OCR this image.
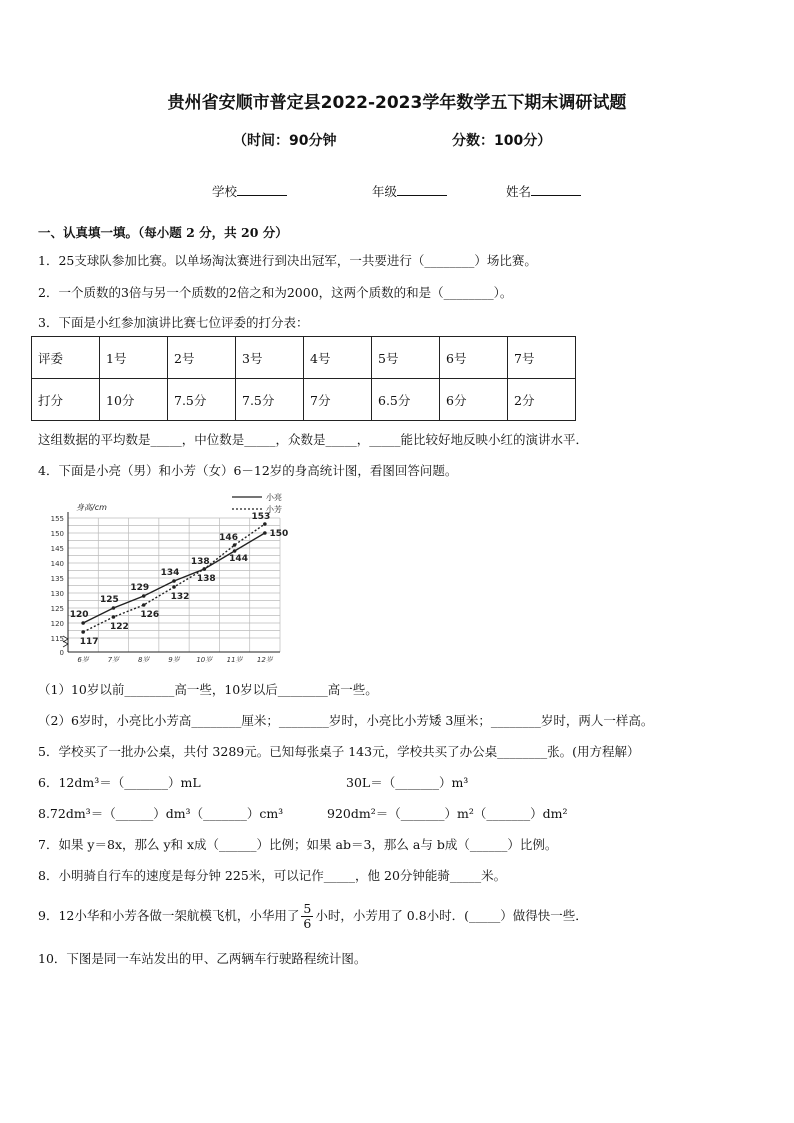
贵州省安顺市普定县2022-2023学年数学五下期末调研试题
（时间：90分钟	分数：100分）
学校	年级	姓名
一、认真填一填。（每小题 2 分，共 20 分）
1．25支球队参加比赛。以单场淘汰赛进行到决出冠军，一共要进行（________）场比赛。
2．一个质数的3倍与另一个质数的2倍之和为2000，这两个质数的和是（________）。
3．下面是小红参加演讲比赛七位评委的打分表：
评委	1号	2号	3号	4号	5号	6号	7号
打分	10分	7.5分	7.5分	7分	6.5分	6分	2分
这组数据的平均数是_____，中位数是_____，众数是_____，_____能比较好地反映小红的演讲水平．
4．下面是小亮（男）和小芳（女）6－12岁的身高统计图，看图回答问题。
身高/cm
155
150
145
140
135
130
125
120
115
0
6岁	7岁	8岁	9岁 10岁 11岁 12岁
小亮
小芳
120
125
129
134
138 144
150
117
122
126
132
138
146
153
（1）10岁以前________高一些，10岁以后________高一些。
（2）6岁时，小亮比小芳高________厘米；________岁时，小亮比小芳矮 3厘米；________岁时，两人一样高。
5．学校买了一批办公桌，共付 3289元。已知每张桌子 143元，学校共买了办公桌________张。(用方程解）
6．12dm³＝（_______）mL	30L＝（_______）m³
8.72dm³＝（______）dm³（_______）cm³	920dm²＝（_______）m²（_______）dm²
7．如果 y＝8x，那么 y和 x成（______）比例；如果 ab＝3，那么 a与 b成（______）比例。
8．小明骑自行车的速度是每分钟 225米，可以记作_____，他 20分钟能骑_____米。
9．12小华和小芳各做一架航模飞机，小华用了 $\frac{5}{6}$ 小时，小芳用了 0.8小时．(_____）做得快一些．
10．下图是同一车站发出的甲、乙两辆车行驶路程统计图。
